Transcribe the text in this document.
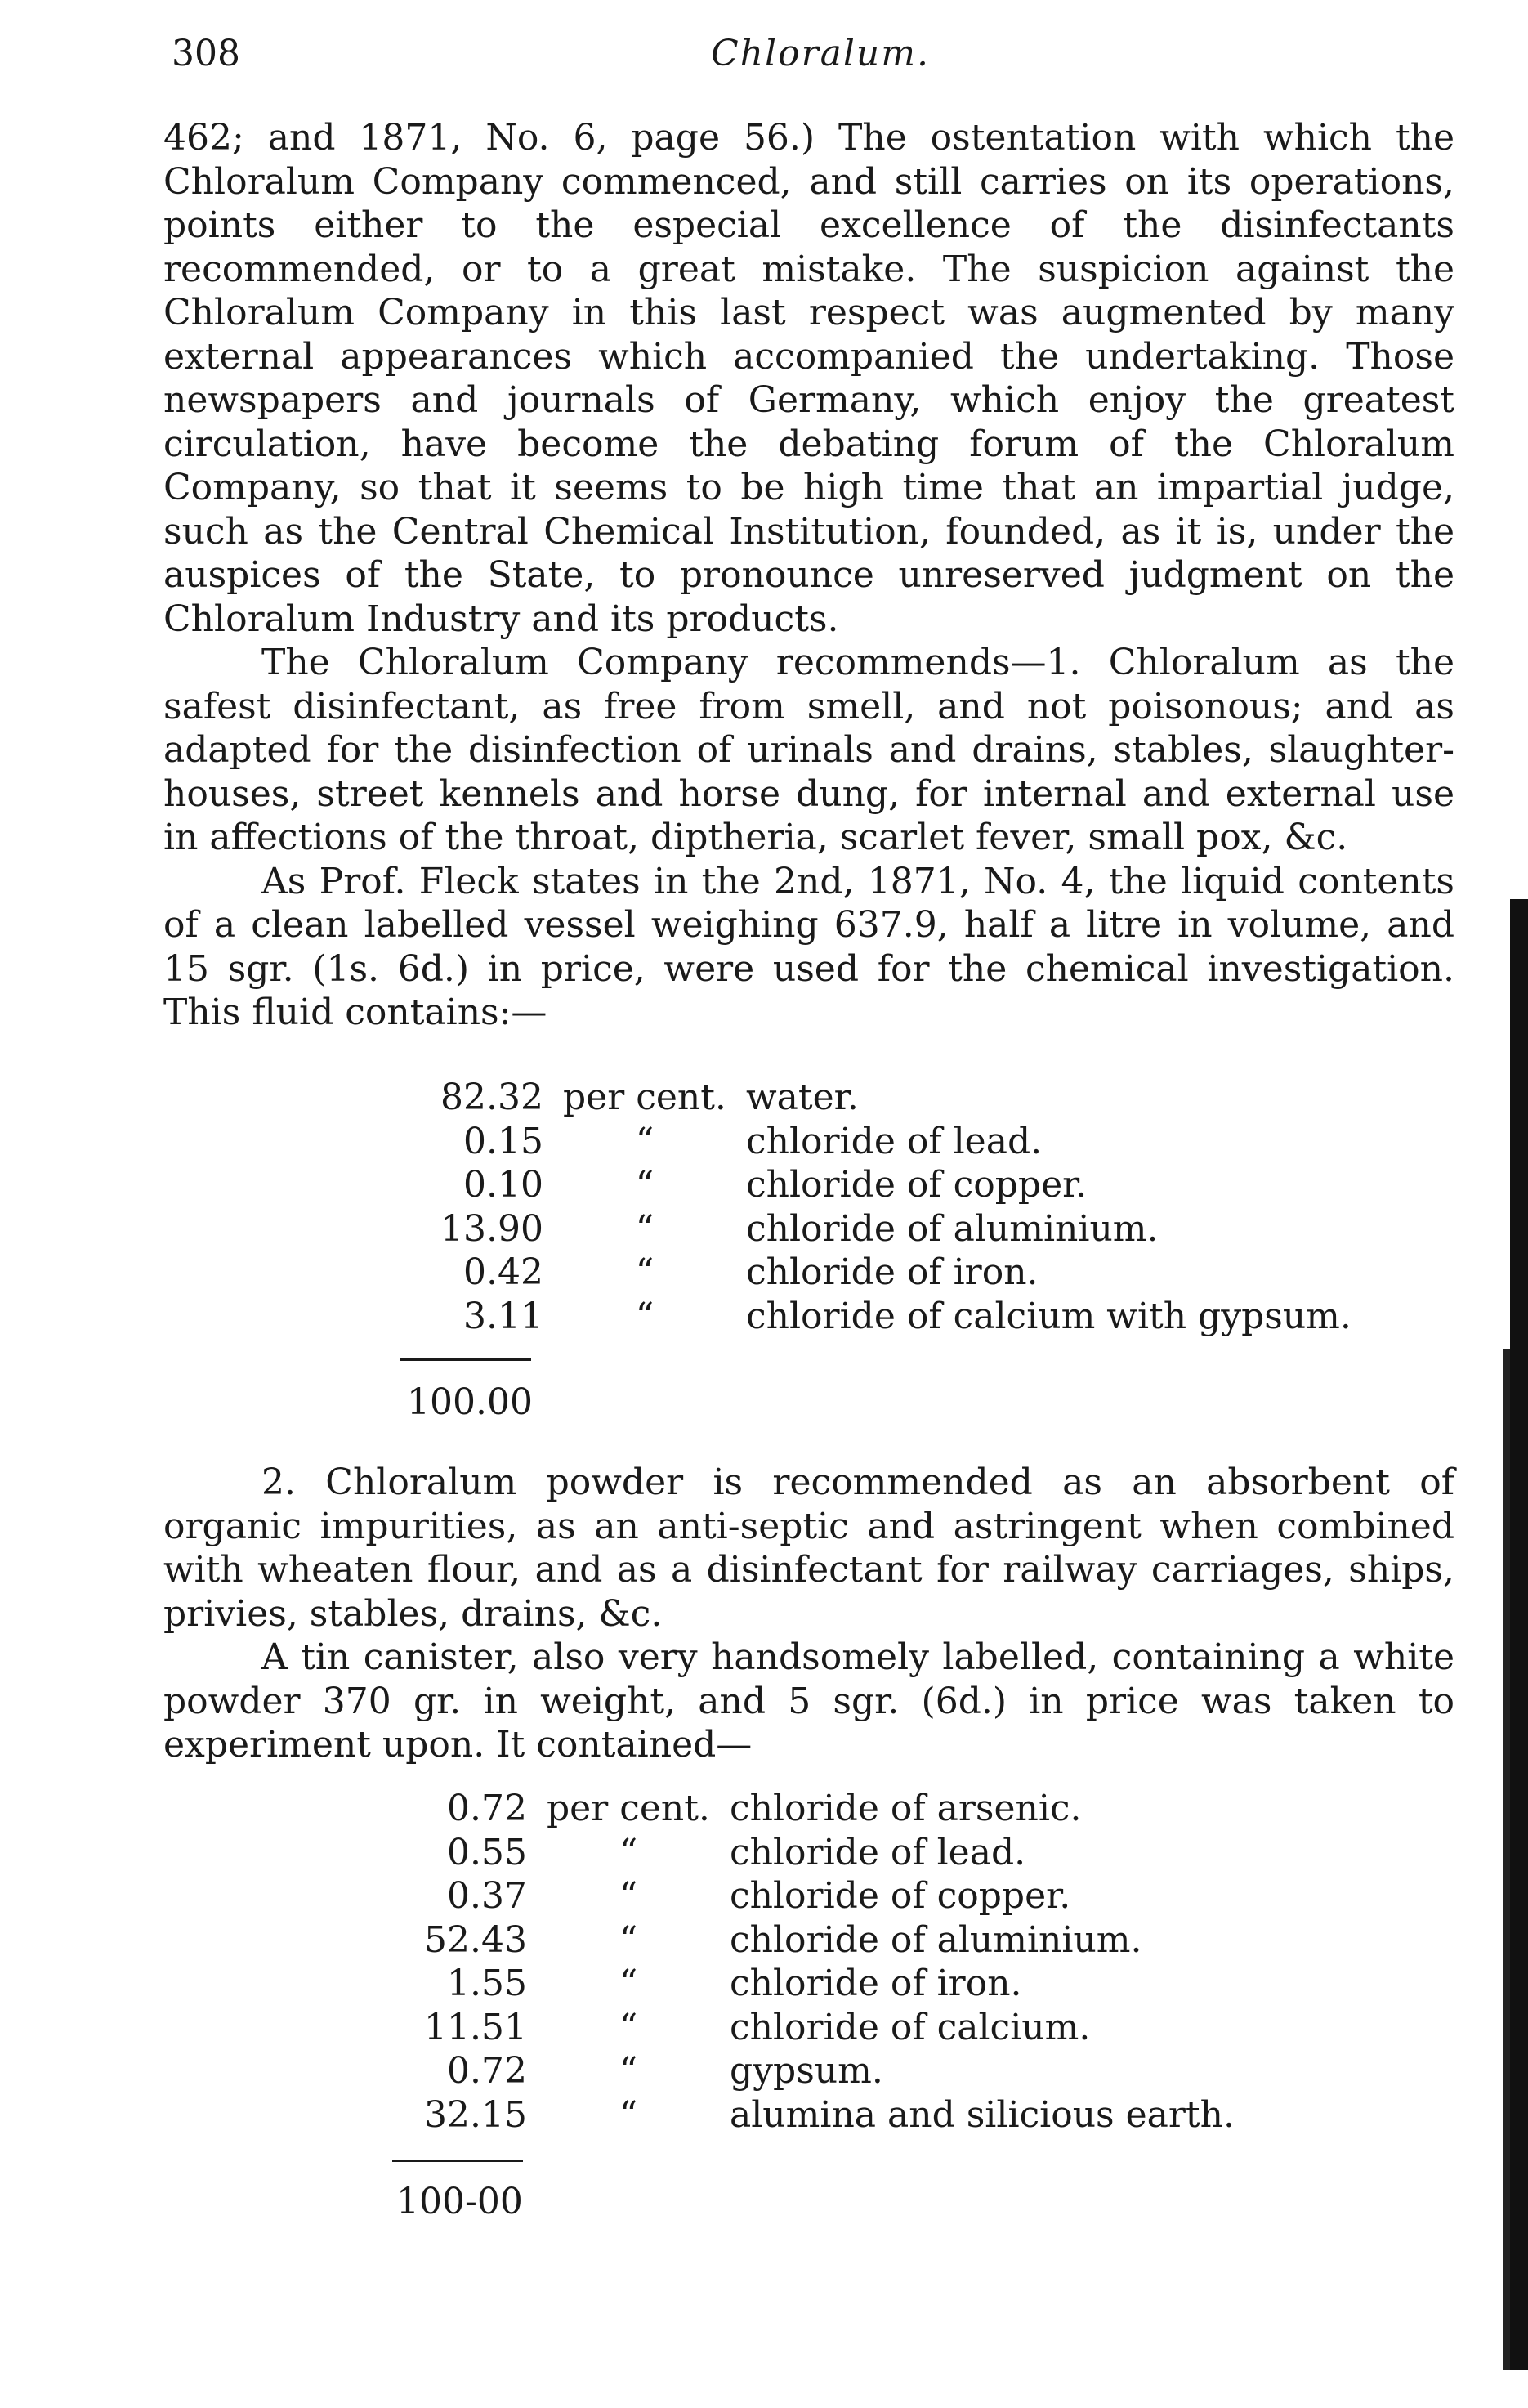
308	Chloralum.

462; and 1871, No. 6, page 56.) The ostentation with which the Chloralum Company commenced, and still carries on its operations, points either to the especial excellence of the disinfectants recommended, or to a great mistake. The suspicion against the Chloralum Company in this last respect was augmented by many external appearances which accompanied the undertaking. Those newspapers and journals of Germany, which enjoy the greatest circulation, have become the debating forum of the Chloralum Company, so that it seems to be high time that an impartial judge, such as the Central Chemical Institution, founded, as it is, under the auspices of the State, to pronounce unreserved judgment on the Chloralum Industry and its products.

The Chloralum Company recommends—1. Chloralum as the safest disinfectant, as free from smell, and not poisonous; and as adapted for the disinfection of urinals and drains, stables, slaughter-houses, street kennels and horse dung, for internal and external use in affections of the throat, diptheria, scarlet fever, small pox, &c.

As Prof. Fleck states in the 2nd, 1871, No. 4, the liquid contents of a clean labelled vessel weighing 637.9, half a litre in volume, and 15 sgr. (1s. 6d.) in price, were used for the chemical investigation. This fluid contains:—

82.32	per cent.	water.
0.15	“	chloride of lead.
0.10	“	chloride of copper.
13.90	“	chloride of aluminium.
0.42	“	chloride of iron.
3.11	“	chloride of calcium with gypsum.
100.00

2. Chloralum powder is recommended as an absorbent of organic impurities, as an anti-septic and astringent when combined with wheaten flour, and as a disinfectant for railway carriages, ships, privies, stables, drains, &c.

A tin canister, also very handsomely labelled, containing a white powder 370 gr. in weight, and 5 sgr. (6d.) in price was taken to experiment upon. It contained—

0.72	per cent.	chloride of arsenic.
0.55	“	chloride of lead.
0.37	“	chloride of copper.
52.43	“	chloride of aluminium.
1.55	“	chloride of iron.
11.51	“	chloride of calcium.
0.72	“	gypsum.
32.15	“	alumina and silicious earth.
100-00
